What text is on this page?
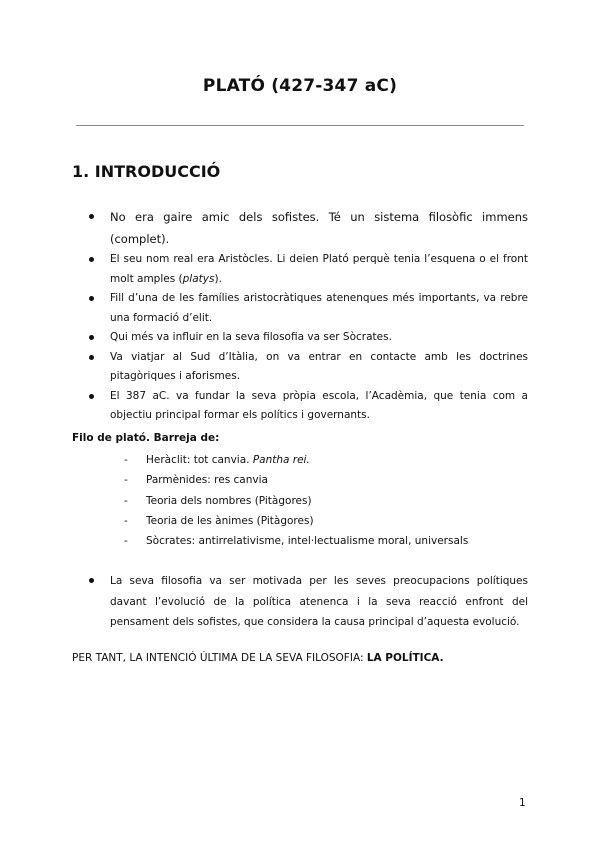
PLATÓ (427-347 aC)
1. INTRODUCCIÓ
No era gaire amic dels sofistes. Té un sistema filosòfic immens (complet).
El seu nom real era Aristòcles. Li deien Plató perquè tenia l’esquena o el front molt amples (platys).
Fill d’una de les famílies aristocràtiques atenenques més importants, va rebre una formació d’elit.
Qui més va influir en la seva filosofia va ser Sòcrates.
Va viatjar al Sud d’Itàlia, on va entrar en contacte amb les doctrines pitagòriques i aforismes.
El 387 aC. va fundar la seva pròpia escola, l’Acadèmia, que tenia com a objectiu principal formar els polítics i governants.
Filo de plató. Barreja de:
- Heràclit: tot canvia. Pantha rei.
- Parmènides: res canvia
- Teoria dels nombres (Pitàgores)
- Teoria de les ànimes (Pitàgores)
- Sòcrates: antirrelativisme, intel·lectualisme moral, universals
La seva filosofia va ser motivada per les seves preocupacions polítiques davant l’evolució de la política atenenca i la seva reacció enfront del pensament dels sofistes, que considera la causa principal d’aquesta evolució.
PER TANT, LA INTENCIÓ ÚLTIMA DE LA SEVA FILOSOFIA: LA POLÍTICA.
1
